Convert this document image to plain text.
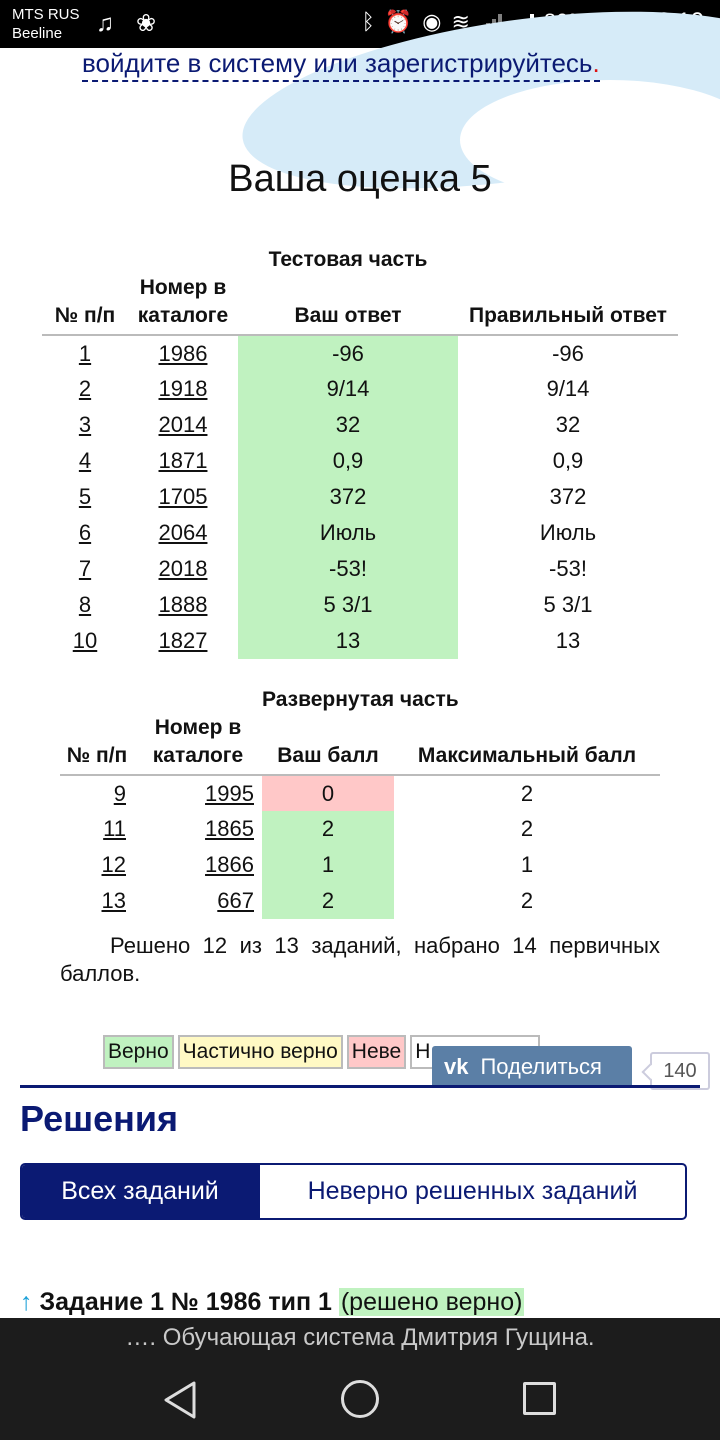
MTS RUS
Beeline	♫ ❀	ᛒ ⏰ ◉ ≋
войдите в систему или зарегистрируйтесь.
Ваша оценка 5
		Тестовая часть	
№ п/п	Номер в каталоге	Ваш ответ	Правильный ответ
1	1986	-96	-96
2	1918	9/14	9/14
3	2014	32	32
4	1871	0,9	0,9
5	1705	372	372
6	2064	Июль	Июль
7	2018	-53!	-53!
8	1888	5 3/1	5 3/1
10	1827	13	13
		Развернутая часть	
№ п/п	Номер в каталоге	Ваш балл	Максимальный балл
9	1995	0	2
11	1865	2	2
12	1866	1	1
13	667	2	2
Решено 12 из 13 заданий, набрано 14 первичных баллов.
Верно Частично верно Неве Н
vk Поделиться	140
Решения
Всех заданий	Неверно решенных заданий
↑ Задание 1 № 1986 тип 1 (решено верно)
…. Обучающая система Дмитрия Гущина.
